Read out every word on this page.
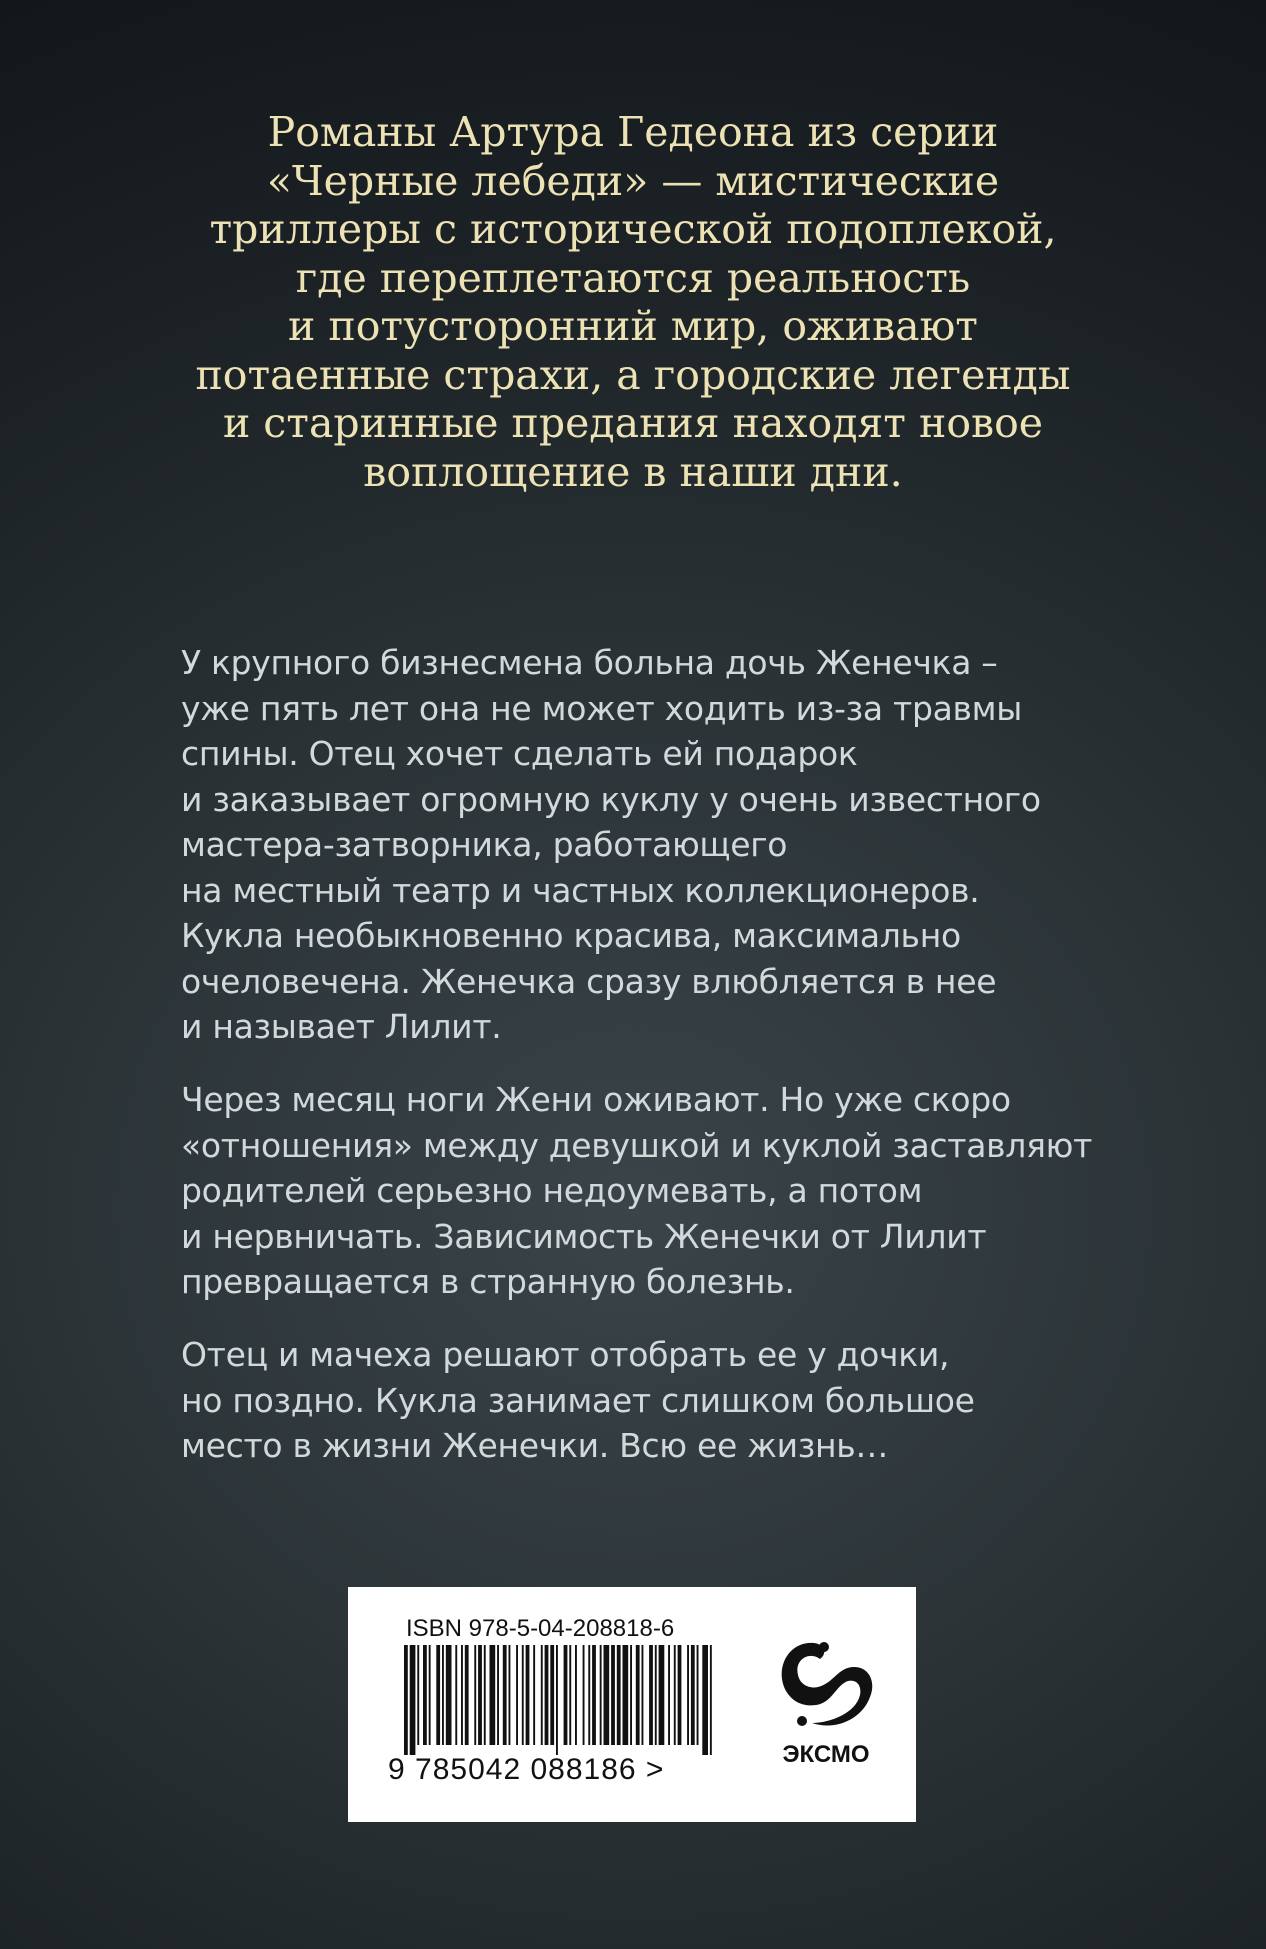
Романы Артура Гедеона из серии
«Черные лебеди» — мистические
триллеры с исторической подоплекой,
где переплетаются реальность
и потусторонний мир, оживают
потаенные страхи, а городские легенды
и старинные предания находят новое
воплощение в наши дни.

У крупного бизнесмена больна дочь Женечка –
уже пять лет она не может ходить из-за травмы
спины. Отец хочет сделать ей подарок
и заказывает огромную куклу у очень известного
мастера-затворника, работающего
на местный театр и частных коллекционеров.
Кукла необыкновенно красива, максимально
очеловечена. Женечка сразу влюбляется в нее
и называет Лилит.

Через месяц ноги Жени оживают. Но уже скоро
«отношения» между девушкой и куклой заставляют
родителей серьезно недоумевать, а потом
и нервничать. Зависимость Женечки от Лилит
превращается в странную болезнь.

Отец и мачеха решают отобрать ее у дочки,
но поздно. Кукла занимает слишком большое
место в жизни Женечки. Всю ее жизнь…

ISBN 978-5-04-208818-6
9 785042 088186 >	ЭКСМО
